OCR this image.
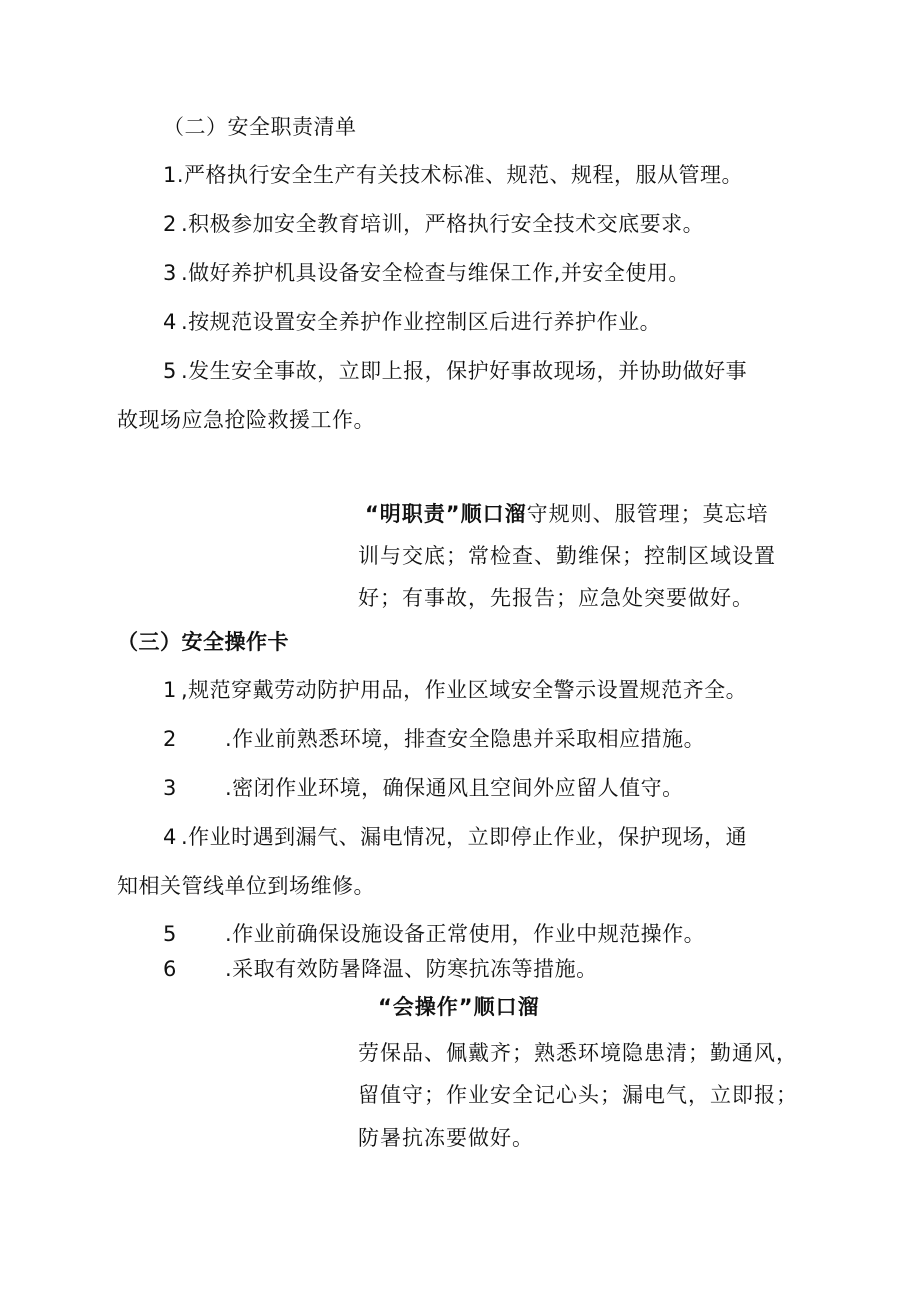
（二）安全职责清单
1.严格执行安全生产有关技术标准、规范、规程，服从管理。
2 .积极参加安全教育培训，严格执行安全技术交底要求。
3 .做好养护机具设备安全检查与维保工作,并安全使用。
4 .按规范设置安全养护作业控制区后进行养护作业。
5 .发生安全事故，立即上报，保护好事故现场，并协助做好事
故现场应急抢险救援工作。
“明职责”顺口溜守规则、服管理；莫忘培
训与交底；常检查、勤维保；控制区域设置
好；有事故，先报告；应急处突要做好。
（三）安全操作卡
1 ,规范穿戴劳动防护用品，作业区域安全警示设置规范齐全。
2 .作业前熟悉环境，排查安全隐患并采取相应措施。
3 .密闭作业环境，确保通风且空间外应留人值守。
4 .作业时遇到漏气、漏电情况，立即停止作业，保护现场，通
知相关管线单位到场维修。
5 .作业前确保设施设备正常使用，作业中规范操作。
6 .采取有效防暑降温、防寒抗冻等措施。
“会操作”顺口溜
劳保品、佩戴齐；熟悉环境隐患清；勤通风，
留值守；作业安全记心头；漏电气，立即报；
防暑抗冻要做好。
